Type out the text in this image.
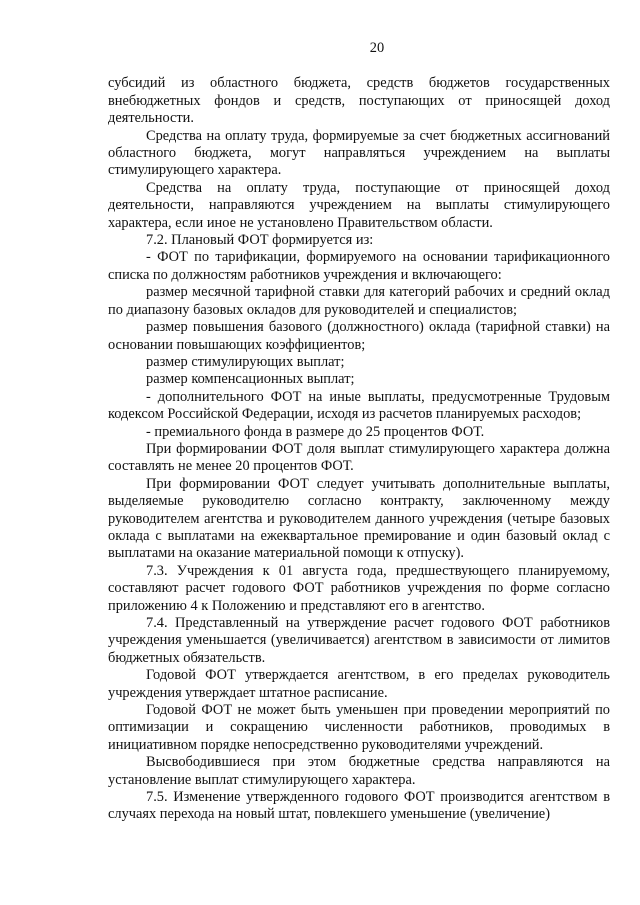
20

субсидий из областного бюджета, средств бюджетов государственных внебюджетных фондов и средств, поступающих от приносящей доход деятельности.

Средства на оплату труда, формируемые за счет бюджетных ассигнований областного бюджета, могут направляться учреждением на выплаты стимулирующего характера.

Средства на оплату труда, поступающие от приносящей доход деятельности, направляются учреждением на выплаты стимулирующего характера, если иное не установлено Правительством области.

7.2. Плановый ФОТ формируется из:

- ФОТ по тарификации, формируемого на основании тарификационного списка по должностям работников учреждения и включающего:

размер месячной тарифной ставки для категорий рабочих и средний оклад по диапазону базовых окладов для руководителей и специалистов;

размер повышения базового (должностного) оклада (тарифной ставки) на основании повышающих коэффициентов;

размер стимулирующих выплат;

размер компенсационных выплат;

- дополнительного ФОТ на иные выплаты, предусмотренные Трудовым кодексом Российской Федерации, исходя из расчетов планируемых расходов;

- премиального фонда в размере до 25 процентов ФОТ.

При формировании ФОТ доля выплат стимулирующего характера должна составлять не менее 20 процентов ФОТ.

При формировании ФОТ следует учитывать дополнительные выплаты, выделяемые руководителю согласно контракту, заключенному между руководителем агентства и руководителем данного учреждения (четыре базовых оклада с выплатами на ежеквартальное премирование и один базовый оклад с выплатами на оказание материальной помощи к отпуску).

7.3. Учреждения к 01 августа года, предшествующего планируемому, составляют расчет годового ФОТ работников учреждения по форме согласно приложению 4 к Положению и представляют его в агентство.

7.4. Представленный на утверждение расчет годового ФОТ работников учреждения уменьшается (увеличивается) агентством в зависимости от лимитов бюджетных обязательств.

Годовой ФОТ утверждается агентством, в его пределах руководитель учреждения утверждает штатное расписание.

Годовой ФОТ не может быть уменьшен при проведении мероприятий по оптимизации и сокращению численности работников, проводимых в инициативном порядке непосредственно руководителями учреждений.

Высвободившиеся при этом бюджетные средства направляются на установление выплат стимулирующего характера.

7.5. Изменение утвержденного годового ФОТ производится агентством в случаях перехода на новый штат, повлекшего уменьшение (увеличение)
